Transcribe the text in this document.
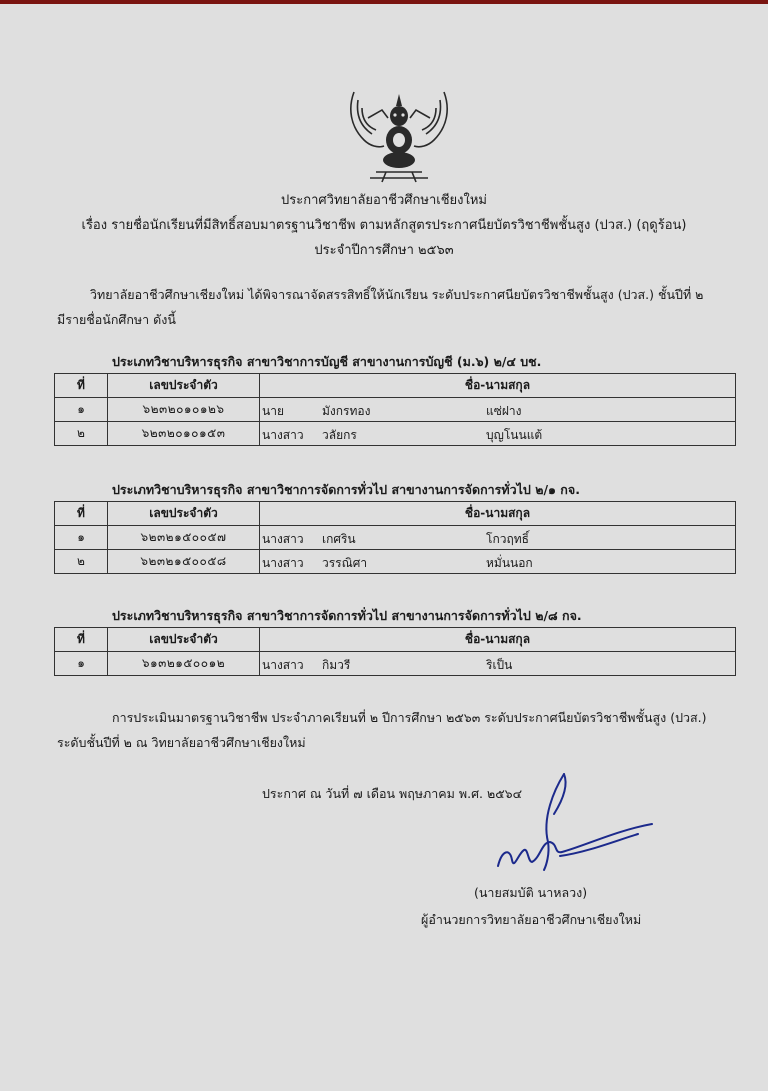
ประกาศวิทยาลัยอาชีวศึกษาเชียงใหม่
เรื่อง รายชื่อนักเรียนที่มีสิทธิ์สอบมาตรฐานวิชาชีพ ตามหลักสูตรประกาศนียบัตรวิชาชีพชั้นสูง (ปวส.) (ฤดูร้อน)
ประจำปีการศึกษา ๒๕๖๓
วิทยาลัยอาชีวศึกษาเชียงใหม่ ได้พิจารณาจัดสรรสิทธิ์ให้นักเรียน ระดับประกาศนียบัตรวิชาชีพชั้นสูง (ปวส.) ชั้นปีที่ ๒
มีรายชื่อนักศึกษา ดังนี้
ประเภทวิชาบริหารธุรกิจ สาขาวิชาการบัญชี สาขางานการบัญชี (ม.๖) ๒/๔ บช.
ที่	เลขประจำตัว	ชื่อ-นามสกุล
๑	๖๒๓๒๐๑๐๑๒๖	นาย มังกรทอง แซ่ฝาง

๒	๖๒๓๒๐๑๐๑๕๓	นางสาว วลัยกร บุญโนนแต้
ประเภทวิชาบริหารธุรกิจ สาขาวิชาการจัดการทั่วไป สาขางานการจัดการทั่วไป ๒/๑ กจ.
ที่	เลขประจำตัว	ชื่อ-นามสกุล
๑	๖๒๓๒๑๕๐๐๕๗	นางสาว เกศริน โกวฤทธิ์

๒	๖๒๓๒๑๕๐๐๕๘	นางสาว วรรณิศา หมั่นนอก
ประเภทวิชาบริหารธุรกิจ สาขาวิชาการจัดการทั่วไป สาขางานการจัดการทั่วไป ๒/๘ กจ.
ที่	เลขประจำตัว	ชื่อ-นามสกุล
๑	๖๑๓๒๑๕๐๐๑๒	นางสาว กิมวรี ริเป็น
การประเมินมาตรฐานวิชาชีพ ประจำภาคเรียนที่ ๒ ปีการศึกษา ๒๕๖๓ ระดับประกาศนียบัตรวิชาชีพชั้นสูง (ปวส.)
ระดับชั้นปีที่ ๒ ณ วิทยาลัยอาชีวศึกษาเชียงใหม่
ประกาศ ณ วันที่ ๗ เดือน พฤษภาคม พ.ศ. ๒๕๖๔
(นายสมบัติ นาหลวง)
ผู้อำนวยการวิทยาลัยอาชีวศึกษาเชียงใหม่
